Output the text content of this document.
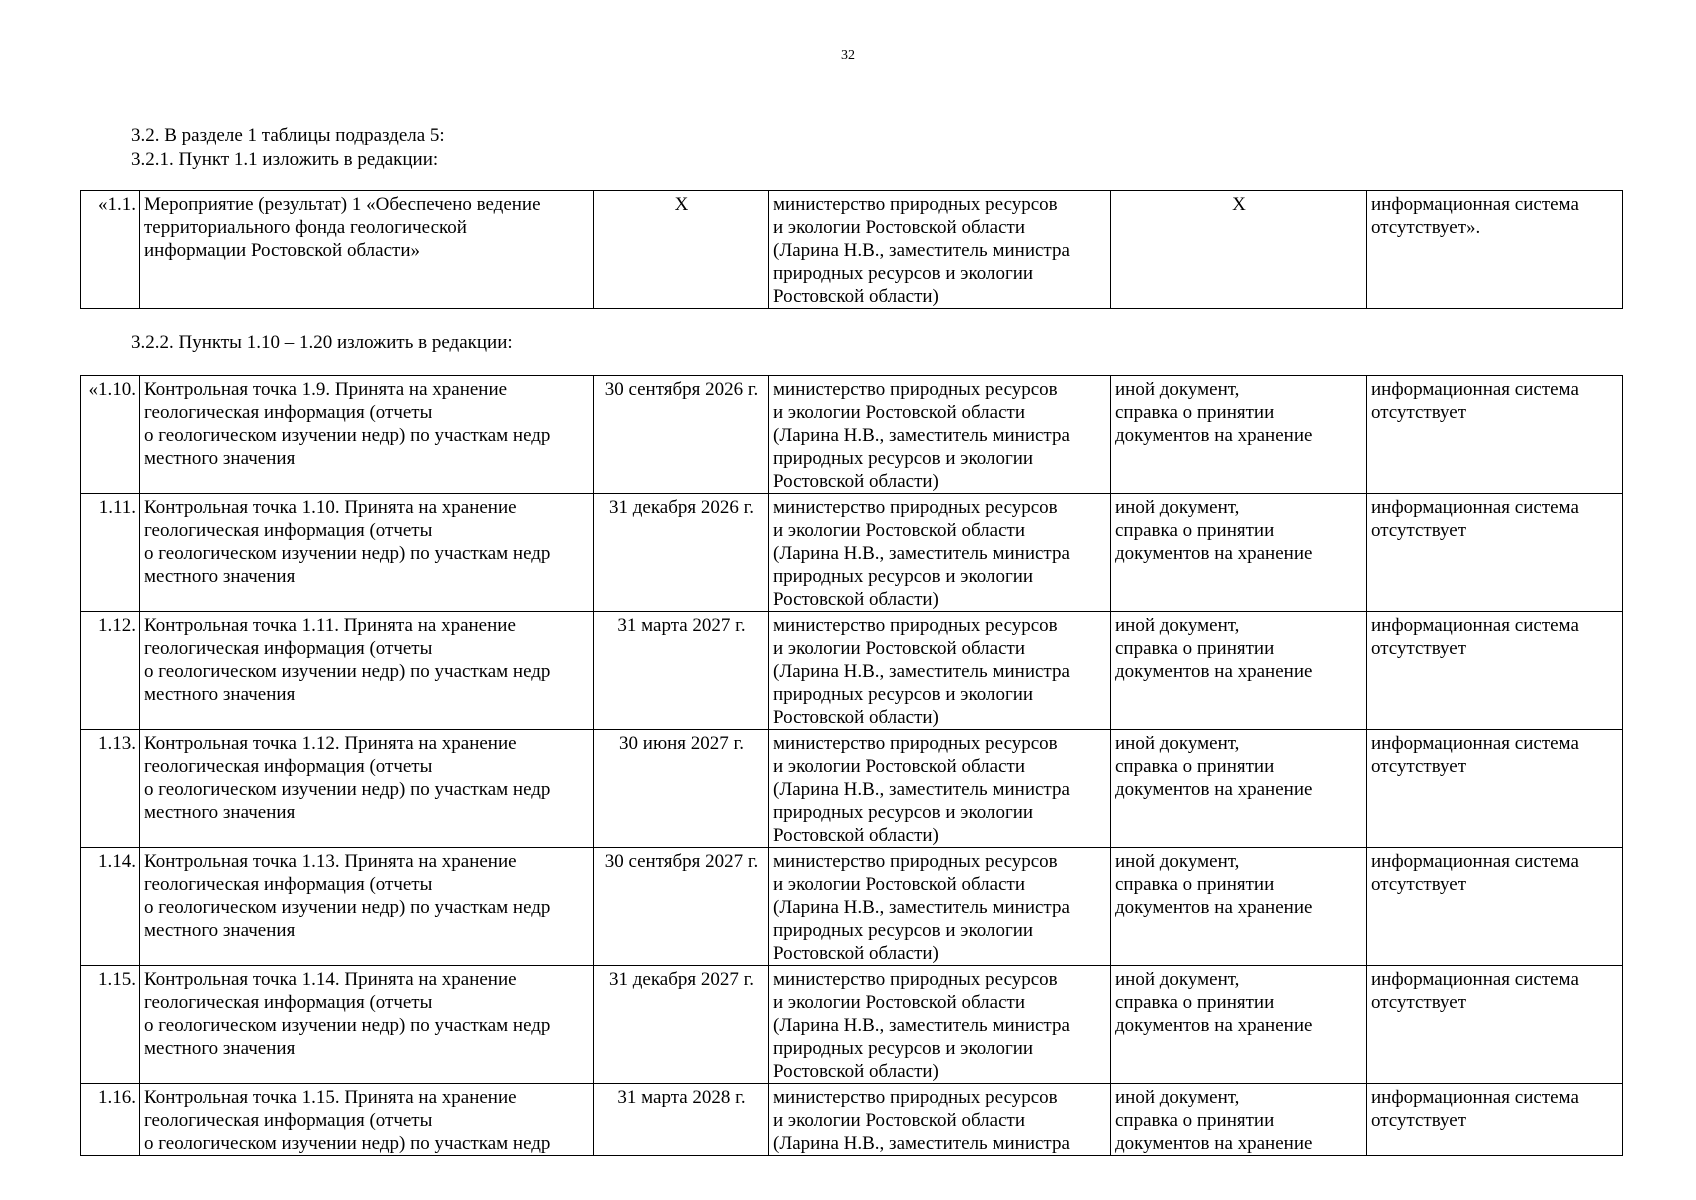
32
3.2. В разделе 1 таблицы подраздела 5:
3.2.1. Пункт 1.1 изложить в редакции:
«1.1.	Мероприятие (результат) 1 «Обеспечено ведение
территориального фонда геологической
информации Ростовской области»	Х	министерство природных ресурсов
и экологии Ростовской области
(Ларина Н.В., заместитель министра
природных ресурсов и экологии
Ростовской области)	Х	информационная система
отсутствует».
3.2.2. Пункты 1.10 – 1.20 изложить в редакции:
«1.10.	Контрольная точка 1.9. Принята на хранение
геологическая информация (отчеты
о геологическом изучении недр) по участкам недр
местного значения	30 сентября 2026 г.	министерство природных ресурсов
и экологии Ростовской области
(Ларина Н.В., заместитель министра
природных ресурсов и экологии
Ростовской области)	иной документ,
справка о принятии
документов на хранение	информационная система
отсутствует
1.11.	Контрольная точка 1.10. Принята на хранение
геологическая информация (отчеты
о геологическом изучении недр) по участкам недр
местного значения	31 декабря 2026 г.	министерство природных ресурсов
и экологии Ростовской области
(Ларина Н.В., заместитель министра
природных ресурсов и экологии
Ростовской области)	иной документ,
справка о принятии
документов на хранение	информационная система
отсутствует
1.12.	Контрольная точка 1.11. Принята на хранение
геологическая информация (отчеты
о геологическом изучении недр) по участкам недр
местного значения	31 марта 2027 г.	министерство природных ресурсов
и экологии Ростовской области
(Ларина Н.В., заместитель министра
природных ресурсов и экологии
Ростовской области)	иной документ,
справка о принятии
документов на хранение	информационная система
отсутствует
1.13.	Контрольная точка 1.12. Принята на хранение
геологическая информация (отчеты
о геологическом изучении недр) по участкам недр
местного значения	30 июня 2027 г.	министерство природных ресурсов
и экологии Ростовской области
(Ларина Н.В., заместитель министра
природных ресурсов и экологии
Ростовской области)	иной документ,
справка о принятии
документов на хранение	информационная система
отсутствует
1.14.	Контрольная точка 1.13. Принята на хранение
геологическая информация (отчеты
о геологическом изучении недр) по участкам недр
местного значения	30 сентября 2027 г.	министерство природных ресурсов
и экологии Ростовской области
(Ларина Н.В., заместитель министра
природных ресурсов и экологии
Ростовской области)	иной документ,
справка о принятии
документов на хранение	информационная система
отсутствует
1.15.	Контрольная точка 1.14. Принята на хранение
геологическая информация (отчеты
о геологическом изучении недр) по участкам недр
местного значения	31 декабря 2027 г.	министерство природных ресурсов
и экологии Ростовской области
(Ларина Н.В., заместитель министра
природных ресурсов и экологии
Ростовской области)	иной документ,
справка о принятии
документов на хранение	информационная система
отсутствует
1.16.	Контрольная точка 1.15. Принята на хранение
геологическая информация (отчеты
о геологическом изучении недр) по участкам недр	31 марта 2028 г.	министерство природных ресурсов
и экологии Ростовской области
(Ларина Н.В., заместитель министра	иной документ,
справка о принятии
документов на хранение	информационная система
отсутствует
